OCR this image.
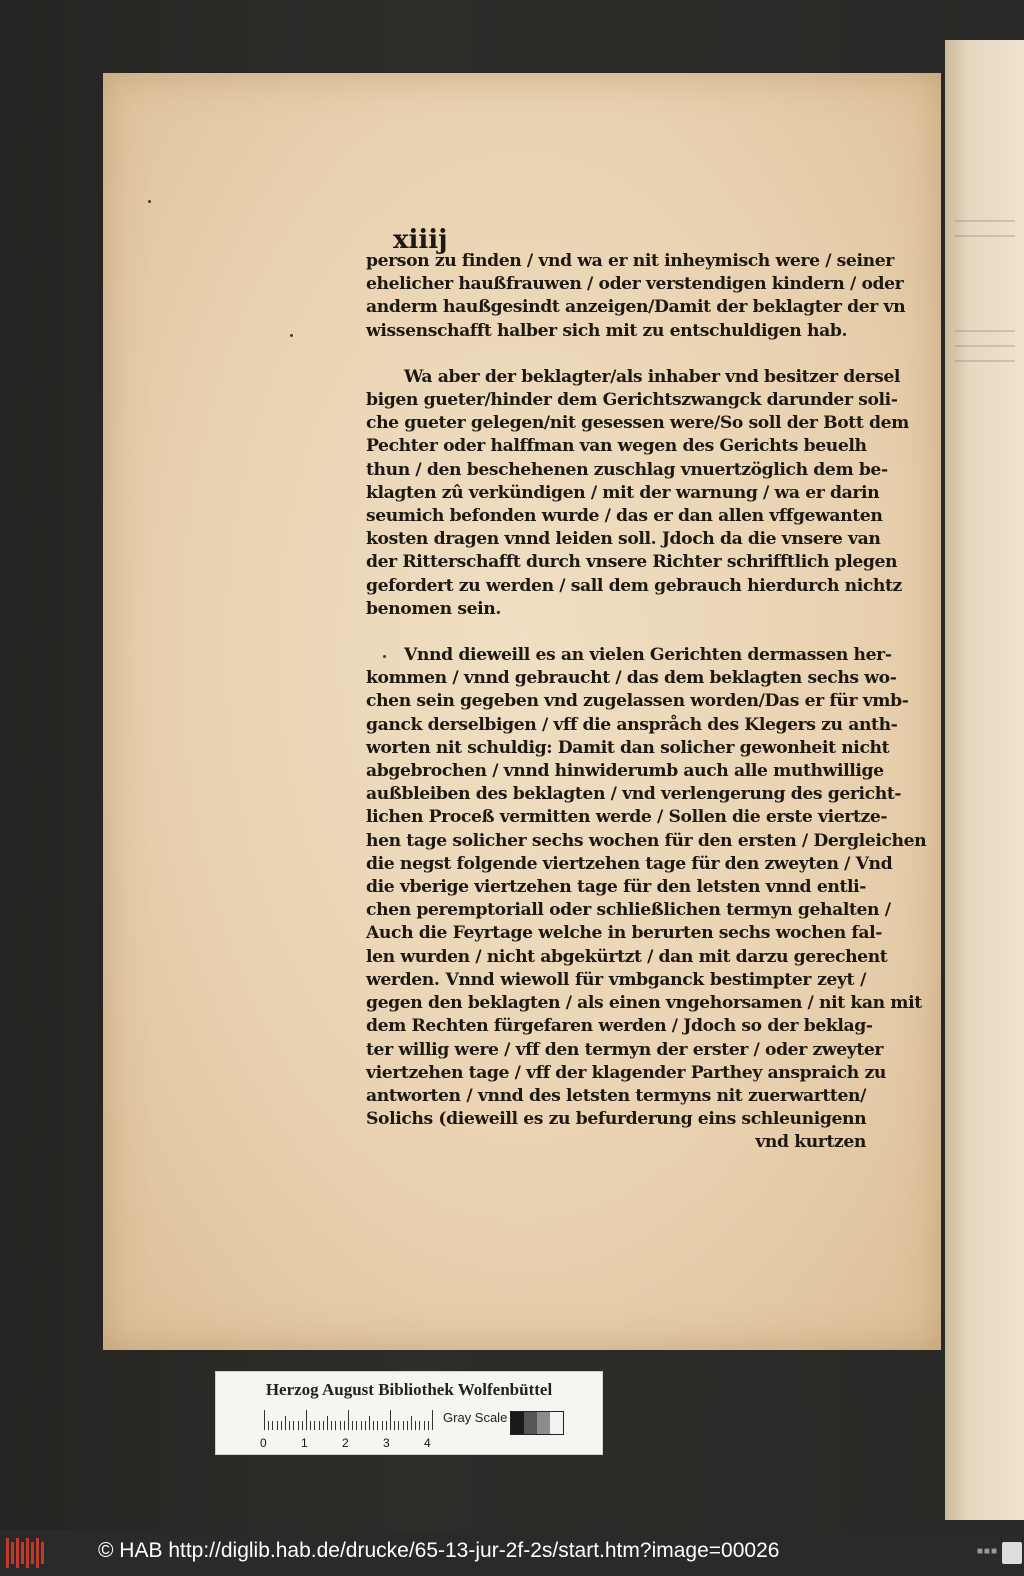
xiiij
person zu finden / vnd wa er nit inheymisch were / seiner
ehelicher haußfrauwen / oder verstendigen kindern / oder
anderm haußgesindt anzeigen/Damit der beklagter der vn
wissenschafft halber sich mit zu entschuldigen hab.
Wa aber der beklagter/als inhaber vnd besitzer dersel
bigen gueter/hinder dem Gerichtszwangck darunder soli-
che gueter gelegen/nit gesessen were/So soll der Bott dem
Pechter oder halffman van wegen des Gerichts beuelh
thun / den beschehenen zuschlag vnuertzöglich dem be-
klagten zû verkündigen / mit der warnung / wa er darin
seumich befonden wurde / das er dan allen vffgewanten
kosten dragen vnnd leiden soll. Jdoch da die vnsere van
der Ritterschafft durch vnsere Richter schrifftlich plegen
gefordert zu werden / sall dem gebrauch hierdurch nichtz
benomen sein.
Vnnd dieweill es an vielen Gerichten dermassen her-
kommen / vnnd gebraucht / das dem beklagten sechs wo-
chen sein gegeben vnd zugelassen worden/Das er für vmb-
ganck derselbigen / vff die anspråch des Klegers zu anth-
worten nit schuldig: Damit dan solicher gewonheit nicht
abgebrochen / vnnd hinwiderumb auch alle muthwillige
außbleiben des beklagten / vnd verlengerung des gericht-
lichen Proceß vermitten werde / Sollen die erste viertze-
hen tage solicher sechs wochen für den ersten / Dergleichen
die negst folgende viertzehen tage für den zweyten / Vnd
die vberige viertzehen tage für den letsten vnnd entli-
chen peremptoriall oder schließlichen termyn gehalten /
Auch die Feyrtage welche in berurten sechs wochen fal-
len wurden / nicht abgekürtzt / dan mit darzu gerechent
werden. Vnnd wiewoll für vmbganck bestimpter zeyt /
gegen den beklagten / als einen vngehorsamen / nit kan mit
dem Rechten fürgefaren werden / Jdoch so der beklag-
ter willig were / vff den termyn der erster / oder zweyter
viertzehen tage / vff der klagender Parthey anspraich zu
antworten / vnnd des letsten termyns nit zuerwartten/
Solichs (dieweill es zu befurderung eins schleunigenn
vnd kurtzen
Herzog August Bibliothek Wolfenbüttel
0	1	2	3	4
Gray Scale
© HAB http://diglib.hab.de/drucke/65-13-jur-2f-2s/start.htm?image=00026	■■■
